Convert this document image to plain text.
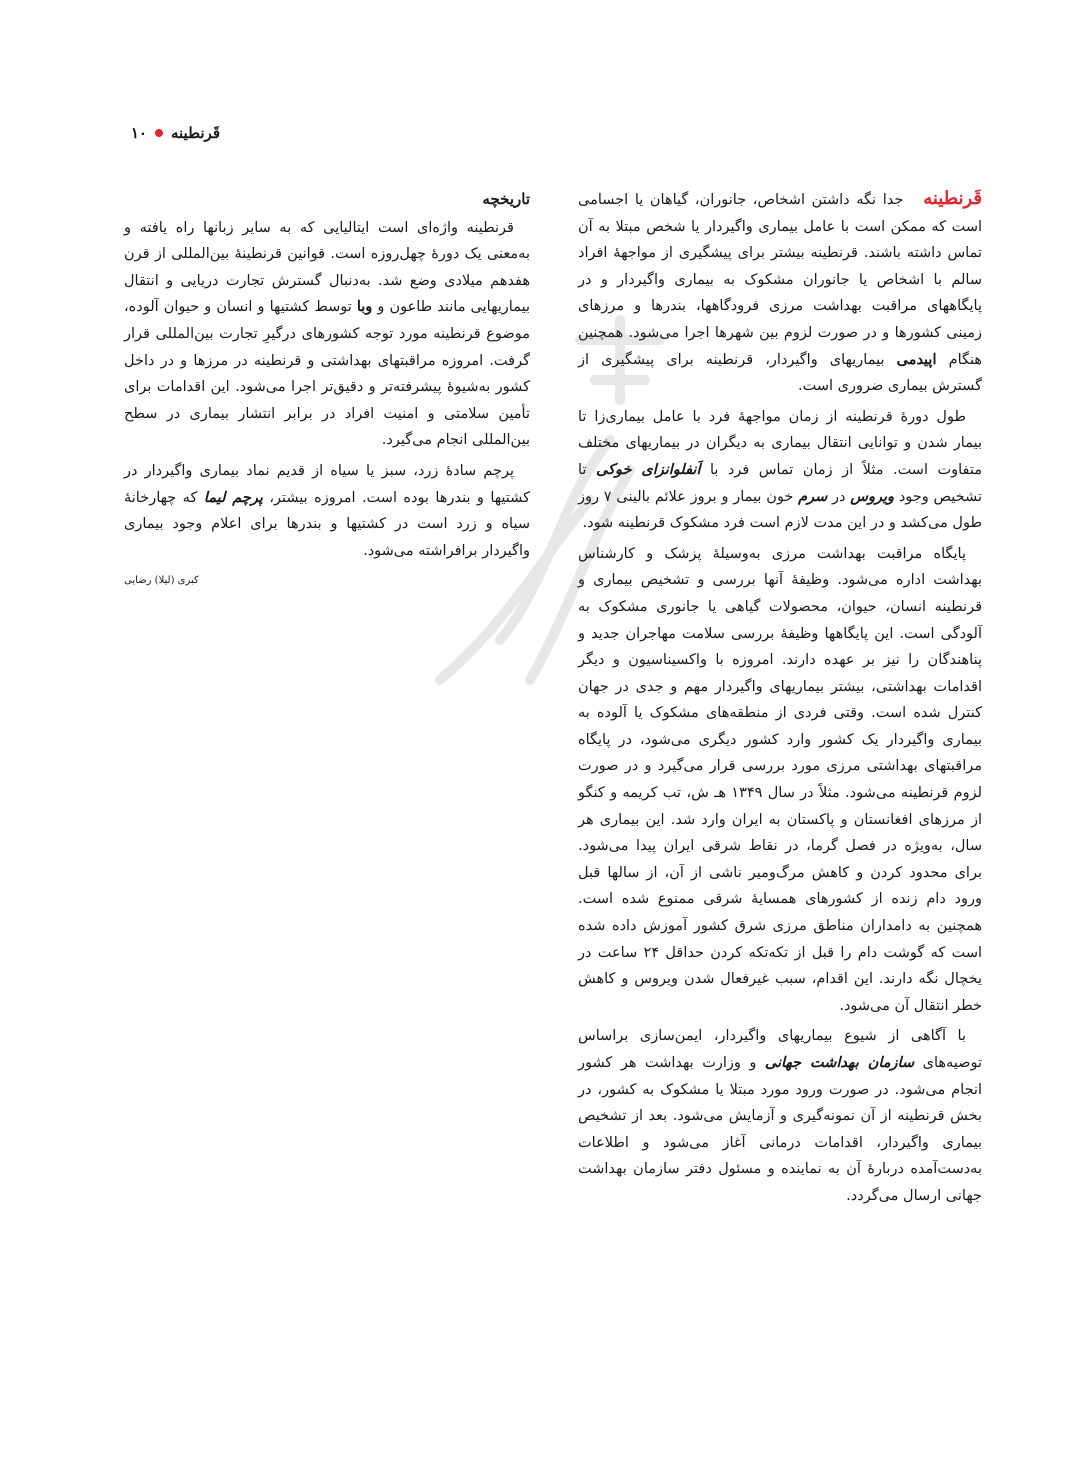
قَرنطینه
۱۰

قَرنطینه   جدا نگه داشتن اشخاص، جانوران، گیاهان یا اجسامی است که ممکن است با عامل بیماری واگیردار یا شخص مبتلا به آن تماس داشته باشند. قرنطینه بیشتر برای پیشگیری از مواجهۀ افراد سالم با اشخاص یا جانوران مشکوک به بیماری واگیردار و در پایگاههای مراقبت بهداشت مرزی فرودگاهها، بندرها و مرزهای زمینی کشورها و در صورت لزوم بین شهرها اجرا می‌شود. همچنین هنگام اپیدمی بیماریهای واگیردار، قرنطینه برای پیشگیری از گسترش بیماری ضروری است.

طول دورۀ قرنطینه از زمان مواجهۀ فرد با عامل بیماری‌زا تا بیمار شدن و توانایی انتقال بیماری به دیگران در بیماریهای مختلف متفاوت است. مثلاً از زمان تماس فرد با اَنفلوانزای خوکی تا تشخیص وجود ویروس در سرم خون بیمار و بروز علائم بالینی ۷ روز طول می‌کشد و در این مدت لازم است فرد مشکوک قرنطینه شود.

پایگاه مراقبت بهداشت مرزی به‌وسیلۀ پزشک و کارشناس بهداشت اداره می‌شود. وظیفۀ آنها بررسی و تشخیص بیماری و قرنطینه انسان، حیوان، محصولات گیاهی یا جانوری مشکوک به آلودگی است. این پایگاهها وظیفۀ بررسی سلامت مهاجران جدید و پناهندگان را نیز بر عهده دارند. امروزه با واکسیناسیون و دیگر اقدامات بهداشتی، بیشتر بیماریهای واگیردار مهم و جدی در جهان کنترل شده است. وقتی فردی از منطقه‌های مشکوک یا آلوده به بیماری واگیردار یک کشور وارد کشور دیگری می‌شود، در پایگاه مراقبتهای بهداشتی مرزی مورد بررسی قرار می‌گیرد و در صورت لزوم قرنطینه می‌شود. مثلاً در سال ۱۳۴۹ هـ ش، تب کریمه و کنگو از مرزهای افغانستان و پاکستان به ایران وارد شد. این بیماری هر سال، به‌ویژه در فصل گرما، در نقاط شرقی ایران پیدا می‌شود. برای محدود کردن و کاهش مرگ‌ومیر ناشی از آن، از سالها قبل ورود دام زنده از کشورهای همسایۀ شرقی ممنوع شده است. همچنین به دامداران مناطق مرزی شرق کشور آموزش داده شده است که گوشت دام را قبل از تکه‌تکه کردن حداقل ۲۴ ساعت در یخچال نگه دارند. این اقدام، سبب غیرفعال شدن ویروس و کاهش خطر انتقال آن می‌شود.

با آگاهی از شیوع بیماریهای واگیردار، ایمن‌سازی براساس توصیه‌های سازمان بهداشت جهانی و وزارت بهداشت هر کشور انجام می‌شود. در صورت ورود مورد مبتلا یا مشکوک به کشور، در بخش قرنطینه از آن نمونه‌گیری و آزمایش می‌شود. بعد از تشخیص بیماری واگیردار، اقدامات درمانی آغاز می‌شود و اطلاعات به‌دست‌آمده دربارۀ آن به نماینده و مسئول دفتر سازمان بهداشت جهانی ارسال می‌گردد.

تاریخچه

قرنطینه واژه‌ای است ایتالیایی که به سایر زبانها راه یافته و به‌معنی یک دورۀ چهل‌روزه است. قوانین قرنطینۀ بین‌المللی از قرن هفدهم میلادی وضع شد. به‌دنبال گسترش تجارت دریایی و انتقال بیماریهایی مانند طاعون و وبا توسط کشتیها و انسان و حیوان آلوده، موضوع قرنطینه مورد توجه کشورهای درگیرِ تجارت بین‌المللی قرار گرفت. امروزه مراقبتهای بهداشتی و قرنطینه در مرزها و در داخل کشور به‌شیوۀ پیشرفته‌تر و دقیق‌تر اجرا می‌شود. این اقدامات برای تأمین سلامتی و امنیت افراد در برابر انتشار بیماری در سطح بین‌المللی انجام می‌گیرد.

پرچم سادۀ زرد، سبز یا سیاه از قدیم نماد بیماری واگیردار در کشتیها و بندرها بوده است. امروزه بیشتر، پرچم لیما که چهارخانۀ سیاه و زرد است در کشتیها و بندرها برای اعلام وجود بیماری واگیردار برافراشته می‌شود.

کبری (لیلا) رضایی
